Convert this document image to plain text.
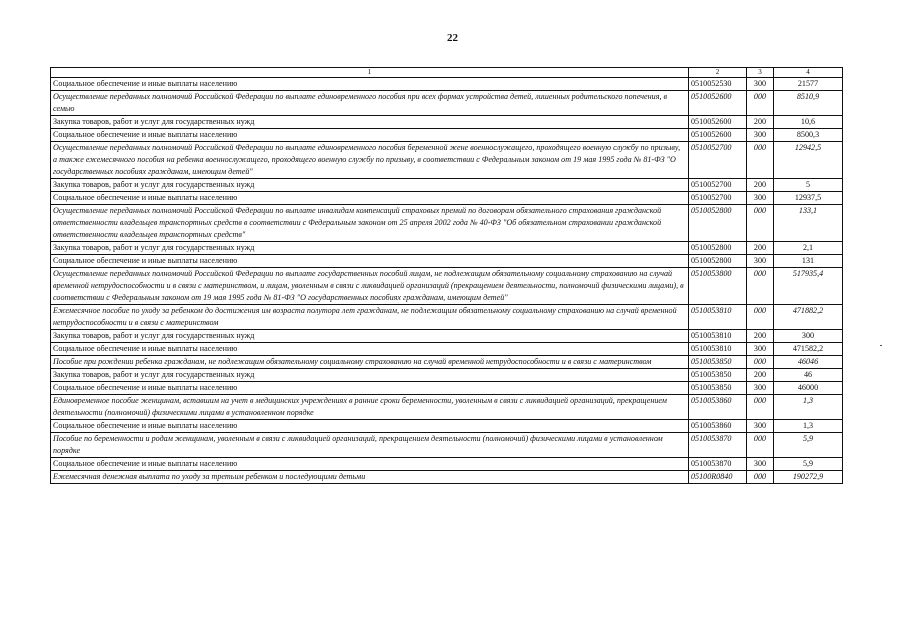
22
1	2	3	4
Социальное обеспечение и иные выплаты населению	0510052530	300	21577
Осуществление переданных полномочий Российской Федерации по выплате единовременного пособия при всех формах устройства детей, лишенных родительского попечения, в семью	0510052600	000	8510,9
Закупка товаров, работ и услуг для государственных нужд	0510052600	200	10,6
Социальное обеспечение и иные выплаты населению	0510052600	300	8500,3
Осуществление переданных полномочий Российской Федерации по выплате единовременного пособия беременной жене военнослужащего, проходящего военную службу по призыву, а также ежемесячного пособия на ребенка военнослужащего, проходящего военную службу по призыву, в соответствии с Федеральным законом от 19 мая 1995 года № 81-ФЗ "О государственных пособиях гражданам, имеющим детей"	0510052700	000	12942,5
Закупка товаров, работ и услуг для государственных нужд	0510052700	200	5
Социальное обеспечение и иные выплаты населению	0510052700	300	12937,5
Осуществление переданных полномочий Российской Федерации по выплате инвалидам компенсаций страховых премий по договорам обязательного страхования гражданской ответственности владельцев транспортных средств в соответствии с Федеральным законом от 25 апреля 2002 года № 40-ФЗ "Об обязательном страховании гражданской ответственности владельцев транспортных средств"	0510052800	000	133,1
Закупка товаров, работ и услуг для государственных нужд	0510052800	200	2,1
Социальное обеспечение и иные выплаты населению	0510052800	300	131
Осуществление переданных полномочий Российской Федерации по выплате государственных пособий лицам, не подлежащим обязательному социальному страхованию на случай временной нетрудоспособности и в связи с материнством, и лицам, уволенным в связи с ликвидацией организаций (прекращением деятельности, полномочий физическими лицами), в соответствии с Федеральным законом от 19 мая 1995 года № 81-ФЗ "О государственных пособиях гражданам, имеющим детей"	0510053800	000	517935,4
Ежемесячное пособие по уходу за ребенком до достижения им возраста полутора лет гражданам, не подлежащим обязательному социальному страхованию на случай временной нетрудоспособности и в связи с материнством	0510053810	000	471882,2
Закупка товаров, работ и услуг для государственных нужд	0510053810	200	300
Социальное обеспечение и иные выплаты населению	0510053810	300	471582,2
Пособие при рождении ребенка гражданам, не подлежащим обязательному социальному страхованию на случай временной нетрудоспособности и в связи с материнством	0510053850	000	46046
Закупка товаров, работ и услуг для государственных нужд	0510053850	200	46
Социальное обеспечение и иные выплаты населению	0510053850	300	46000
Единовременное пособие женщинам, вставшим на учет в медицинских учреждениях в ранние сроки беременности, уволенным в связи с ликвидацией организаций, прекращением деятельности (полномочий) физическими лицами в установленном порядке	0510053860	000	1,3
Социальное обеспечение и иные выплаты населению	0510053860	300	1,3
Пособие по беременности и родам женщинам, уволенным в связи с ликвидацией организаций, прекращением деятельности (полномочий) физическими лицами в установленном порядке	0510053870	000	5,9
Социальное обеспечение и иные выплаты населению	0510053870	300	5,9
Ежемесячная денежная выплата по уходу за третьим ребенком и последующими детьми	05100R0840	000	190272,9
